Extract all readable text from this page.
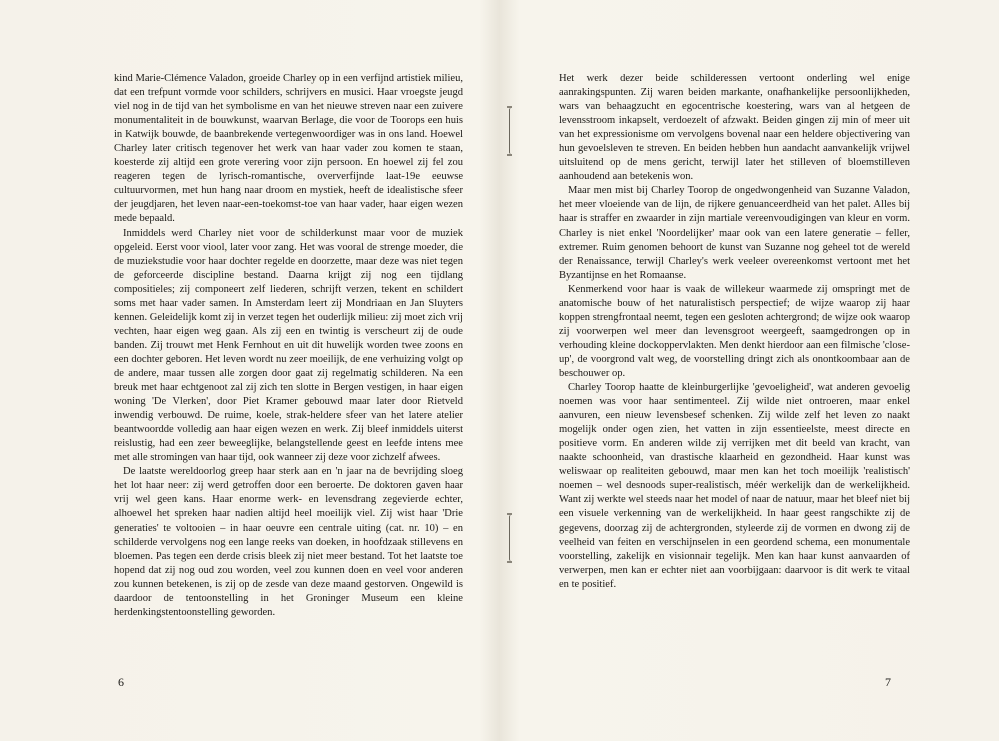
kind Marie-Clémence Valadon, groeide Charley op in een verfijnd artistiek milieu, dat een trefpunt vormde voor schilders, schrijvers en musici. Haar vroegste jeugd viel nog in de tijd van het symbolisme en van het nieuwe streven naar een zuivere monumentaliteit in de bouwkunst, waarvan Berlage, die voor de Toorops een huis in Katwijk bouwde, de baanbrekende vertegenwoordiger was in ons land. Hoewel Charley later critisch tegenover het werk van haar vader zou komen te staan, koesterde zij altijd een grote verering voor zijn persoon. En hoewel zij fel zou reageren tegen de lyrisch-romantische, oververfijnde laat-19e eeuwse cultuurvormen, met hun hang naar droom en mystiek, heeft de idealistische sfeer der jeugdjaren, het leven naar-een-toekomst-toe van haar vader, haar eigen wezen mede bepaald.

Inmiddels werd Charley niet voor de schilderkunst maar voor de muziek opgeleid. Eerst voor viool, later voor zang. Het was vooral de strenge moeder, die de muziekstudie voor haar dochter regelde en doorzette, maar deze was niet tegen de geforceerde discipline bestand. Daarna krijgt zij nog een tijdlang compositieles; zij componeert zelf liederen, schrijft verzen, tekent en schildert soms met haar vader samen. In Amsterdam leert zij Mondriaan en Jan Sluyters kennen. Geleidelijk komt zij in verzet tegen het ouderlijk milieu: zij moet zich vrij vechten, haar eigen weg gaan. Als zij een en twintig is verscheurt zij de oude banden. Zij trouwt met Henk Fernhout en uit dit huwelijk worden twee zoons en een dochter geboren. Het leven wordt nu zeer moeilijk, de ene verhuizing volgt op de andere, maar tussen alle zorgen door gaat zij regelmatig schilderen. Na een breuk met haar echtgenoot zal zij zich ten slotte in Bergen vestigen, in haar eigen woning 'De Vlerken', door Piet Kramer gebouwd maar later door Rietveld inwendig verbouwd. De ruime, koele, strak-heldere sfeer van het latere atelier beantwoordde volledig aan haar eigen wezen en werk. Zij bleef inmiddels uiterst reislustig, had een zeer beweeglijke, belangstellende geest en leefde intens mee met alle stromingen van haar tijd, ook wanneer zij deze voor zichzelf afwees.

De laatste wereldoorlog greep haar sterk aan en 'n jaar na de bevrijding sloeg het lot haar neer: zij werd getroffen door een beroerte. De doktoren gaven haar vrij wel geen kans. Haar enorme werk- en levensdrang zegevierde echter, alhoewel het spreken haar nadien altijd heel moeilijk viel. Zij wist haar 'Drie generaties' te voltooien – in haar oeuvre een centrale uiting (cat. nr. 10) – en schilderde vervolgens nog een lange reeks van doeken, in hoofdzaak stillevens en bloemen. Pas tegen een derde crisis bleek zij niet meer bestand. Tot het laatste toe hopend dat zij nog oud zou worden, veel zou kunnen doen en veel voor anderen zou kunnen betekenen, is zij op de zesde van deze maand gestorven. Ongewild is daardoor de tentoonstelling in het Groninger Museum een kleine herdenkingstentoonstelling geworden.

6

Het werk dezer beide schilderessen vertoont onderling wel enige aanrakingspunten. Zij waren beiden markante, onafhankelijke persoonlijkheden, wars van behaagzucht en egocentrische koestering, wars van al hetgeen de levensstroom inkapselt, verdoezelt of afzwakt. Beiden gingen zij min of meer uit van het expressionisme om vervolgens bovenal naar een heldere objectivering van hun gevoelsleven te streven. En beiden hebben hun aandacht aanvankelijk vrijwel uitsluitend op de mens gericht, terwijl later het stilleven of bloemstilleven aanhoudend aan betekenis won.

Maar men mist bij Charley Toorop de ongedwongenheid van Suzanne Valadon, het meer vloeiende van de lijn, de rijkere genuanceerdheid van het palet. Alles bij haar is straffer en zwaarder in zijn martiale vereenvoudigingen van kleur en vorm. Charley is niet enkel 'Noordelijker' maar ook van een latere generatie – feller, extremer. Ruim genomen behoort de kunst van Suzanne nog geheel tot de wereld der Renaissance, terwijl Charley's werk veeleer overeenkomst vertoont met het Byzantijnse en het Romaanse.

Kenmerkend voor haar is vaak de willekeur waarmede zij omspringt met de anatomische bouw of het naturalistisch perspectief; de wijze waarop zij haar koppen strengfrontaal neemt, tegen een gesloten achtergrond; de wijze ook waarop zij voorwerpen wel meer dan levensgroot weergeeft, saamgedrongen op in verhouding kleine dockoppervlakten. Men denkt hierdoor aan een filmische 'close-up', de voorgrond valt weg, de voorstelling dringt zich als onontkoombaar aan de beschouwer op.

Charley Toorop haatte de kleinburgerlijke 'gevoeligheid', wat anderen gevoelig noemen was voor haar sentimenteel. Zij wilde niet ontroeren, maar enkel aanvuren, een nieuw levensbesef schenken. Zij wilde zelf het leven zo naakt mogelijk onder ogen zien, het vatten in zijn essentieelste, meest directe en positieve vorm. En anderen wilde zij verrijken met dit beeld van kracht, van naakte schoonheid, van drastische klaarheid en gezondheid. Haar kunst was weliswaar op realiteiten gebouwd, maar men kan het toch moeilijk 'realistisch' noemen – wel desnoods super-realistisch, méér werkelijk dan de werkelijkheid. Want zij werkte wel steeds naar het model of naar de natuur, maar het bleef niet bij een visuele verkenning van de werkelijkheid. In haar geest rangschikte zij de gegevens, doorzag zij de achtergronden, styleerde zij de vormen en dwong zij de veelheid van feiten en verschijnselen in een geordend schema, een monumentale voorstelling, zakelijk en visionnair tegelijk. Men kan haar kunst aanvaarden of verwerpen, men kan er echter niet aan voorbijgaan: daarvoor is dit werk te vitaal en te positief.

7
